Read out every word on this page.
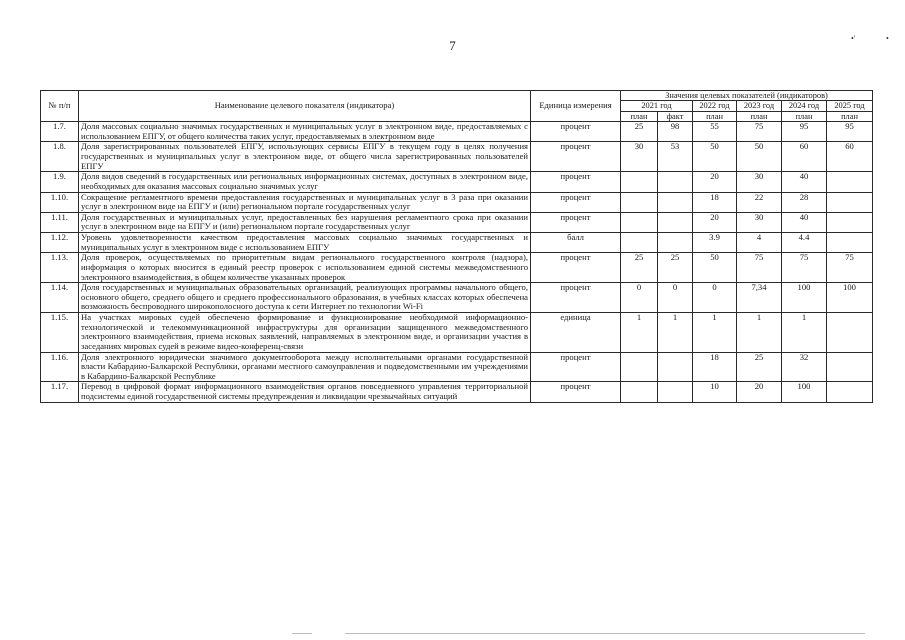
7	•'	•
№ п/п	Наименование целевого показателя (индикатора)	Единица измерения	Значения целевых показателей (индикаторов)					
			2021 год		2022 год	2023 год	2024 год	2025 год
			план	факт	план	план	план	план
1.7.	Доля массовых социально значимых государственных и муниципальных услуг в электронном виде, предоставляемых с использованием ЕПГУ, от общего количества таких услуг, предоставляемых в электронном виде	процент	25	98	55	75	95	95
1.8.	Доля зарегистрированных пользователей ЕПГУ, использующих сервисы ЕПГУ в текущем году в целях получения государственных и муниципальных услуг в электронном виде, от общего числа зарегистрированных пользователей ЕПГУ	процент	30	53	50	50	60	60
1.9.	Доля видов сведений в государственных или региональных информационных системах, доступных в электронном виде, необходимых для оказания массовых социально значимых услуг	процент			20	30	40	
1.10.	Сокращение регламентного времени предоставления государственных и муниципальных услуг в 3 раза при оказании услуг в электронном виде на ЕПГУ и (или) региональном портале государственных услуг	процент			18	22	28	
1.11.	Доля государственных и муниципальных услуг, предоставленных без нарушения регламентного срока при оказании услуг в электронном виде на ЕПГУ и (или) региональном портале государственных услуг	процент			20	30	40	
1.12.	Уровень удовлетворенности качеством предоставления массовых социально значимых государственных и муниципальных услуг в электронном виде с использованием ЕПГУ	балл			3.9	4	4.4	
1.13.	Доля проверок, осуществляемых по приоритетным видам регионального государственного контроля (надзора), информация о которых вносится в единый реестр проверок с использованием единой системы межведомственного электронного взаимодействия, в общем количестве указанных проверок	процент	25	25	50	75	75	75
1.14.	Доля государственных и муниципальных образовательных организаций, реализующих программы начального общего, основного общего, среднего общего и среднего профессионального образования, в учебных классах которых обеспечена возможность беспроводного широкополосного доступа к сети Интернет по технологии Wi-Fi	процент	0	0	0	7,34	100	100
1.15.	На участках мировых судей обеспечено формирование и функционирование необходимой информационно-технологической и телекоммуникационной инфраструктуры для организации защищенного межведомственного электронного взаимодействия, приема исковых заявлений, направляемых в электронном виде, и организации участия в заседаниях мировых судей в режиме видео-конференц-связи	единица	1	1	1	1	1	
1.16.	Доля электронного юридически значимого документооборота между исполнительными органами государственной власти Кабардино-Балкарской Республики, органами местного самоуправления и подведомственными им учреждениями в Кабардино-Балкарской Республике	процент			18	25	32	
1.17.	Перевод в цифровой формат информационного взаимодействия органов повседневного управления территориальной подсистемы единой государственной системы предупреждения и ликвидации чрезвычайных ситуаций	процент			10	20	100	
